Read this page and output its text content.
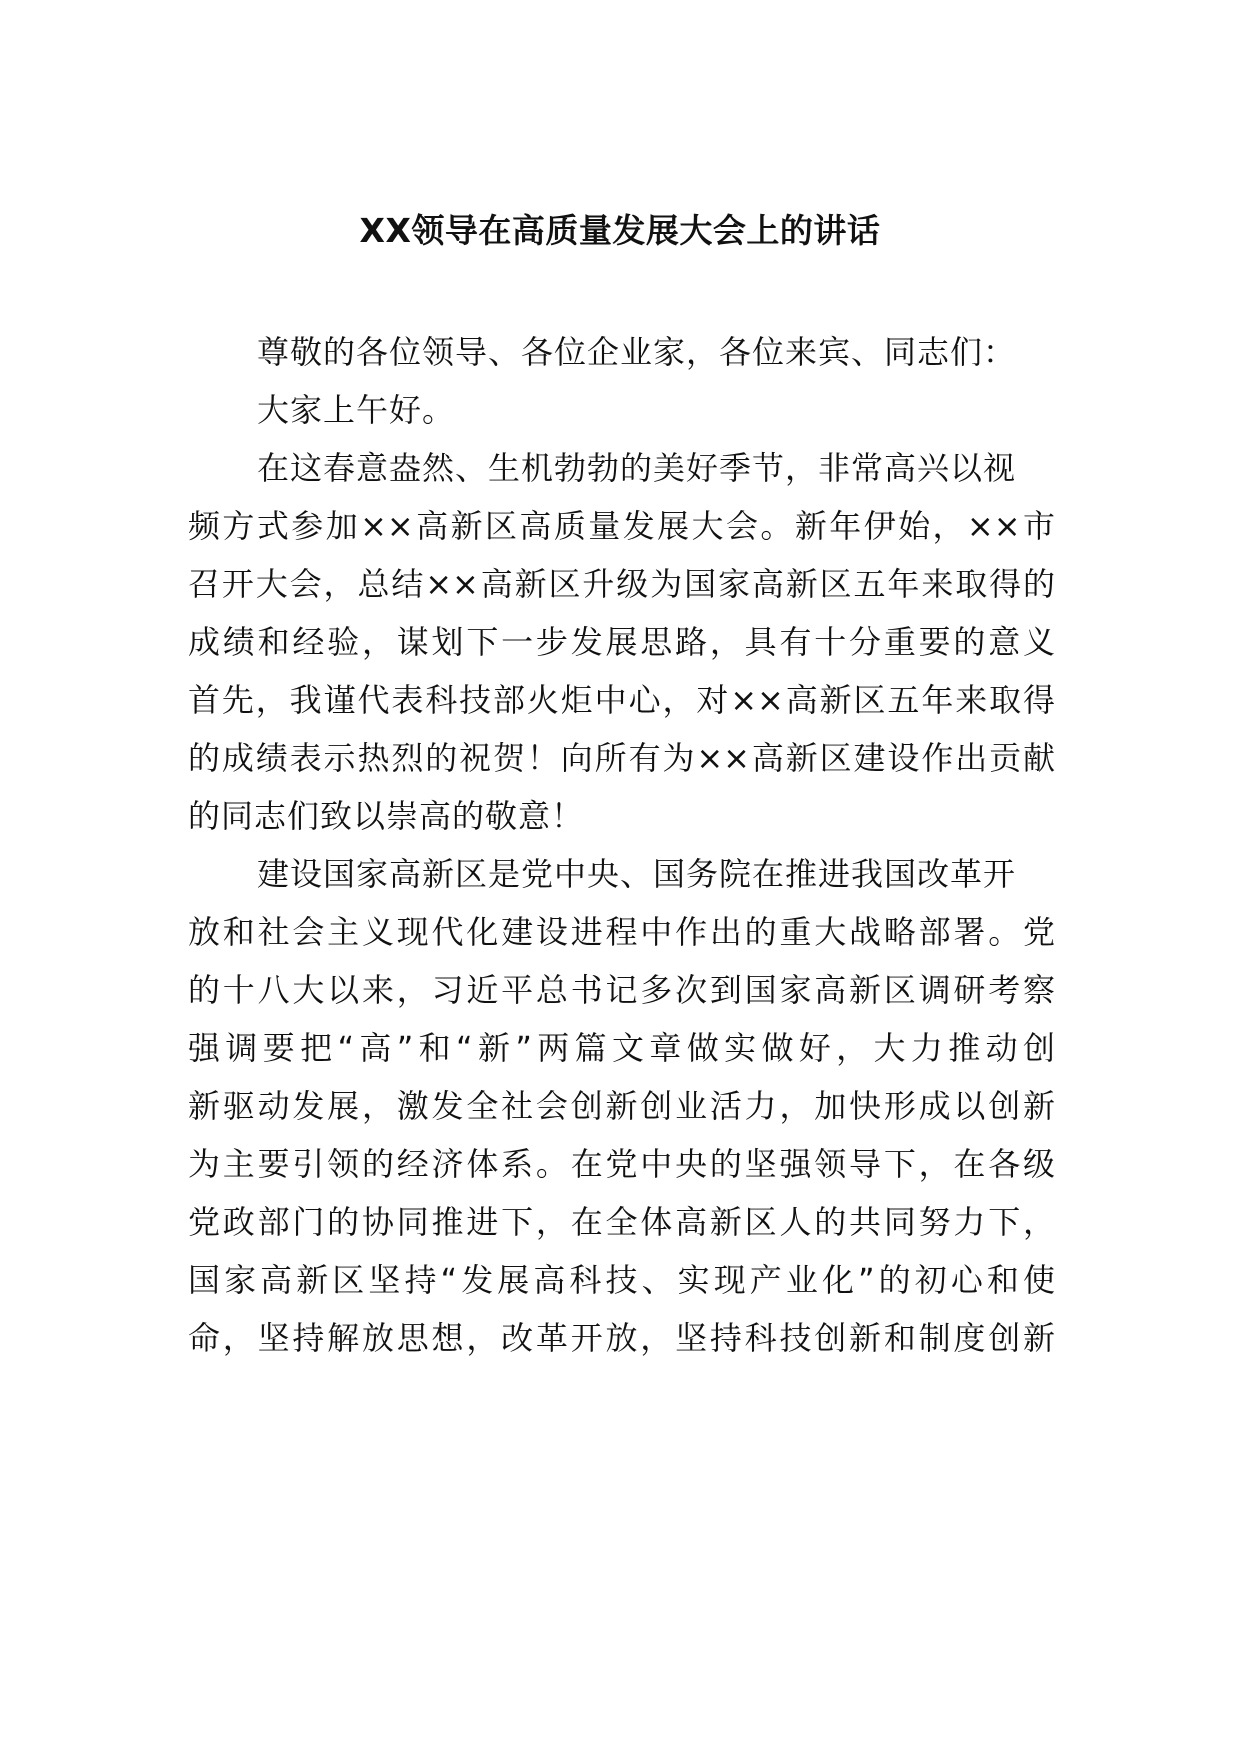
XX领导在高质量发展大会上的讲话
尊敬的各位领导、各位企业家，各位来宾、同志们：
大家上午好。
在这春意盎然、生机勃勃的美好季节，非常高兴以视
频方式参加××高新区高质量发展大会。新年伊始，××市
召开大会，总结××高新区升级为国家高新区五年来取得的
成绩和经验，谋划下一步发展思路，具有十分重要的意义
首先，我谨代表科技部火炬中心，对××高新区五年来取得
的成绩表示热烈的祝贺！向所有为××高新区建设作出贡献
的同志们致以崇高的敬意！
建设国家高新区是党中央、国务院在推进我国改革开
放和社会主义现代化建设进程中作出的重大战略部署。党
的十八大以来，习近平总书记多次到国家高新区调研考察
强调要把“高”和“新”两篇文章做实做好，大力推动创
新驱动发展，激发全社会创新创业活力，加快形成以创新
为主要引领的经济体系。在党中央的坚强领导下，在各级
党政部门的协同推进下，在全体高新区人的共同努力下，
国家高新区坚持“发展高科技、实现产业化”的初心和使
命，坚持解放思想，改革开放，坚持科技创新和制度创新
